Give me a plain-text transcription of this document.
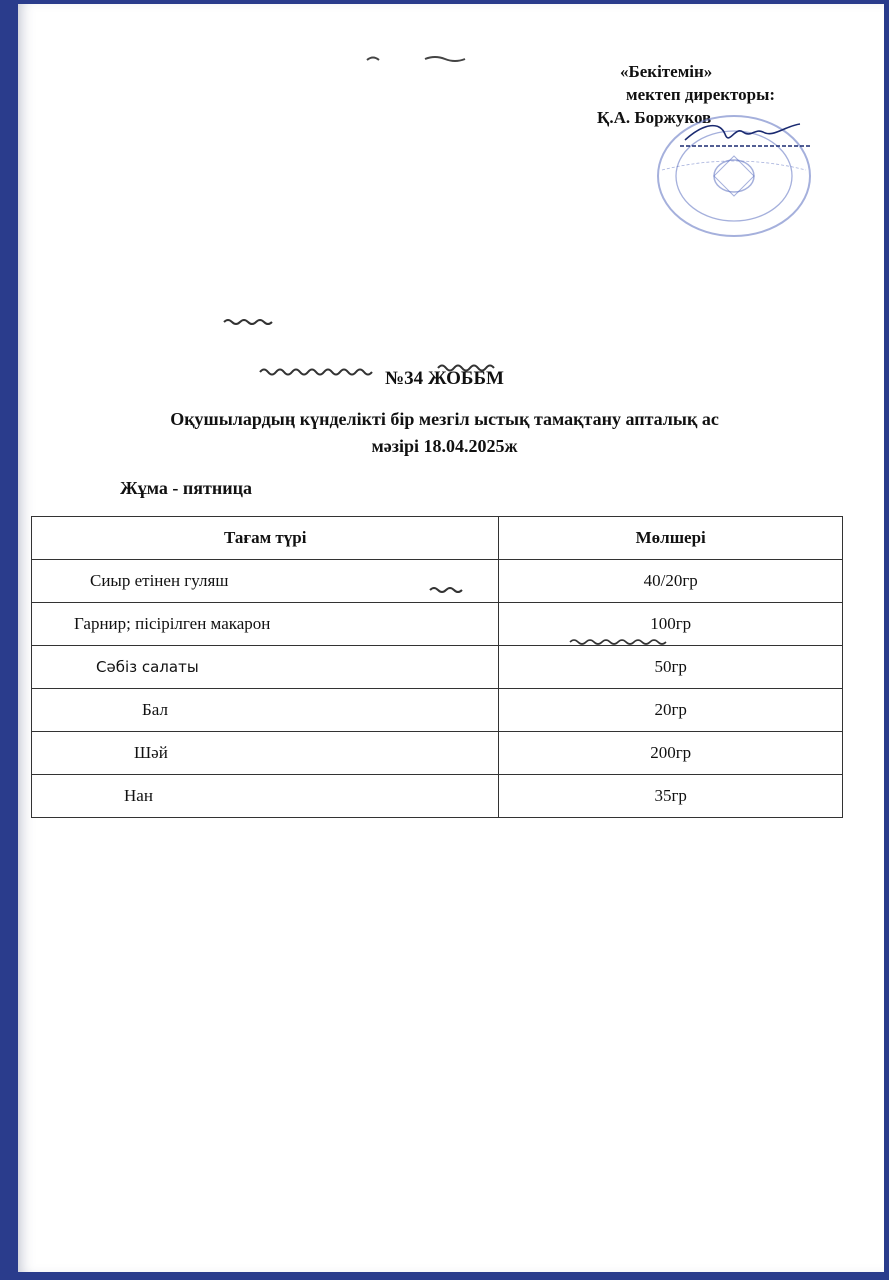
«Бекітемін»
мектеп директоры:
Қ.А. Боржуков
№34 ЖОББМ
Оқушылардың күнделікті бір мезгіл ыстық тамақтану апталық ас
мәзірі 18.04.2025ж
Жұма - пятница
Тағам түрі	Мөлшері

Сиыр етінен гуляш	40/20гр

Гарнир; пісірілген макарон	100гр

Сәбіз салаты	50гр

Бал	20гр

Шәй	200гр

Нан	35гр
